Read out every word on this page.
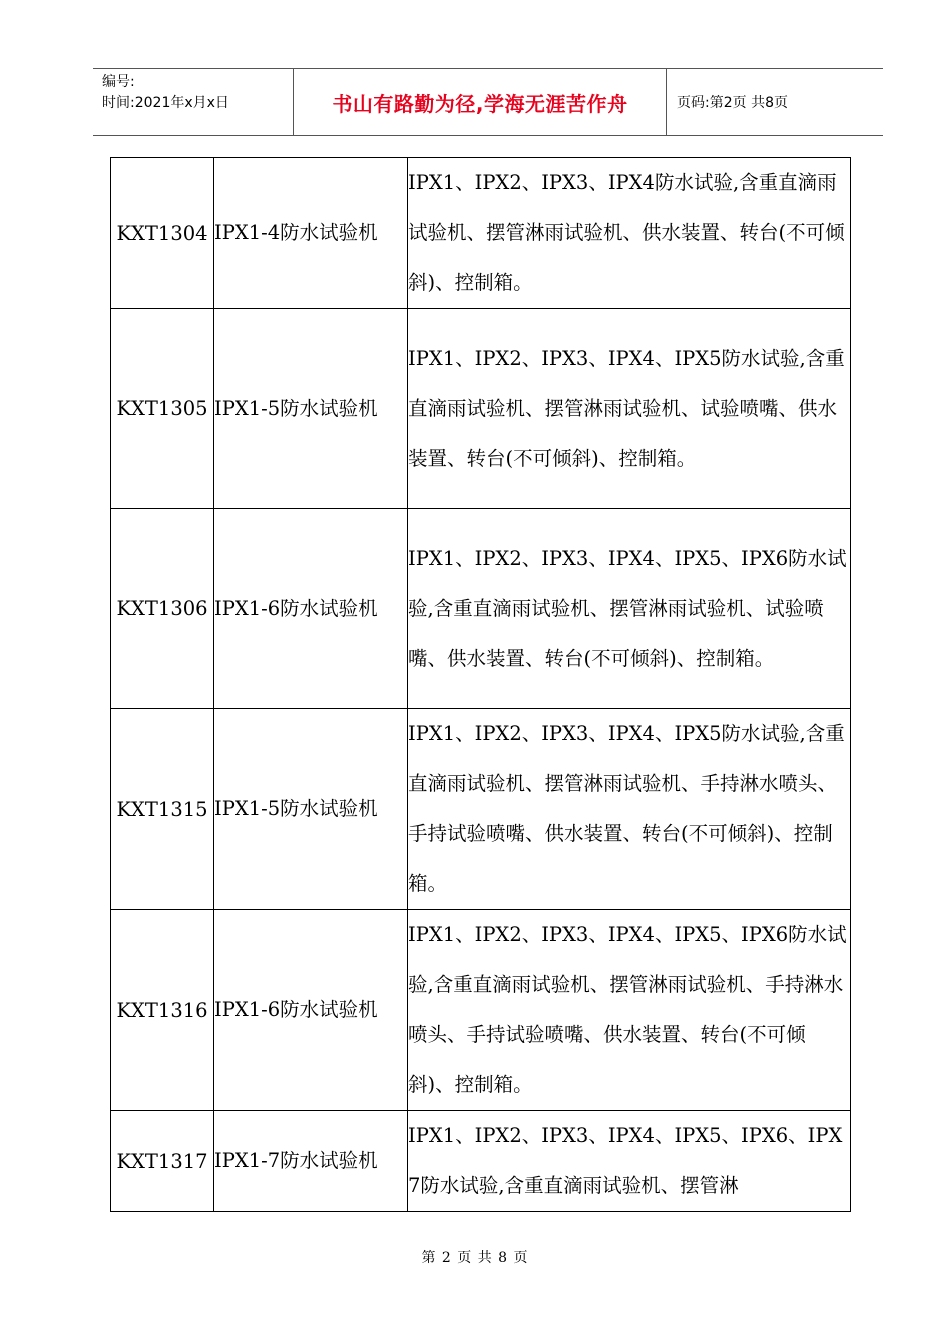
编号:
时间:2021年x月x日	书山有路勤为径,学海无涯苦作舟	页码:第2页 共8页
KXT1304	IPX1-4防水试验机	IPX1、IPX2、IPX3、IPX4防水试验,含重直滴雨试验机、摆管淋雨试验机、供水装置、转台(不可倾斜)、控制箱。
KXT1305	IPX1-5防水试验机	IPX1、IPX2、IPX3、IPX4、IPX5防水试验,含重直滴雨试验机、摆管淋雨试验机、试验喷嘴、供水装置、转台(不可倾斜)、控制箱。
KXT1306	IPX1-6防水试验机	IPX1、IPX2、IPX3、IPX4、IPX5、IPX6防水试验,含重直滴雨试验机、摆管淋雨试验机、试验喷嘴、供水装置、转台(不可倾斜)、控制箱。
KXT1315	IPX1-5防水试验机	IPX1、IPX2、IPX3、IPX4、IPX5防水试验,含重直滴雨试验机、摆管淋雨试验机、手持淋水喷头、手持试验喷嘴、供水装置、转台(不可倾斜)、控制箱。
KXT1316	IPX1-6防水试验机	IPX1、IPX2、IPX3、IPX4、IPX5、IPX6防水试验,含重直滴雨试验机、摆管淋雨试验机、手持淋水喷头、手持试验喷嘴、供水装置、转台(不可倾斜)、控制箱。
KXT1317	IPX1-7防水试验机	IPX1、IPX2、IPX3、IPX4、IPX5、IPX6、IPX7防水试验,含重直滴雨试验机、摆管淋
第 2 页 共 8 页
